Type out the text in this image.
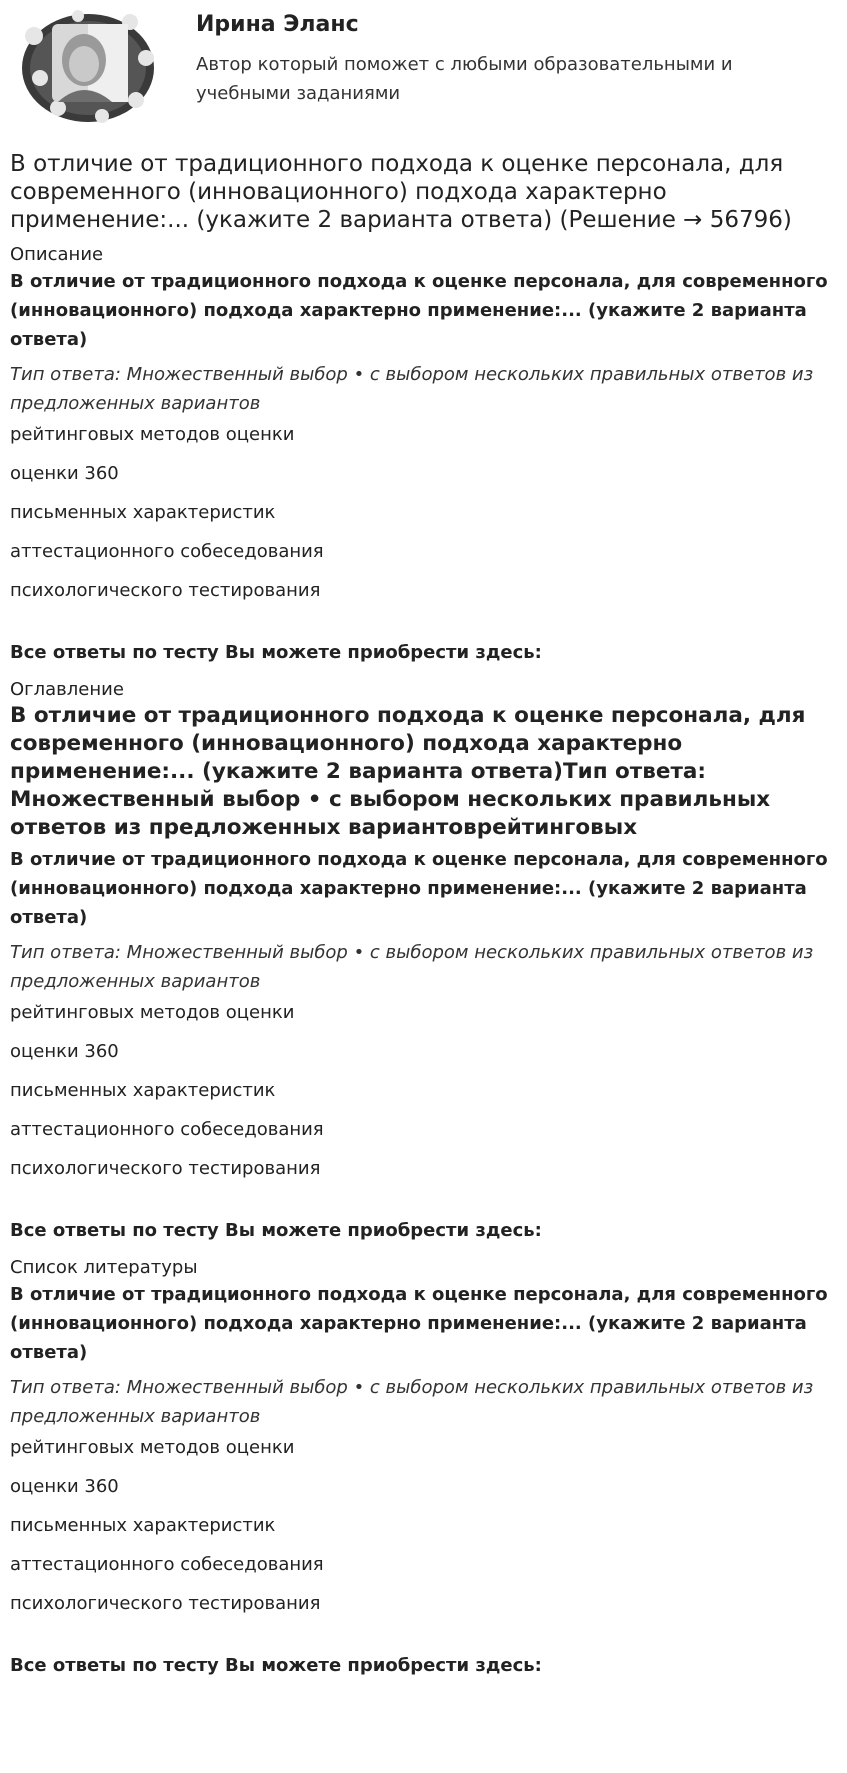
Ирина Эланс

Автор который поможет с любыми образовательными и учебными заданиями

В отличие от традиционного подхода к оценке персонала, для современного (инновационного) подхода характерно применение:... (укажите 2 варианта ответа) (Решение → 56796)

Описание

В отличие от традиционного подхода к оценке персонала, для современного (инновационного) подхода характерно применение:... (укажите 2 варианта ответа)

Тип ответа: Множественный выбор • с выбором нескольких правильных ответов из предложенных вариантов

рейтинговых методов оценки

оценки 360

письменных характеристик

аттестационного собеседования

психологического тестирования

Все ответы по тесту Вы можете приобрести здесь:

Оглавление

В отличие от традиционного подхода к оценке персонала, для современного (инновационного) подхода характерно применение:... (укажите 2 варианта ответа)Тип ответа: Множественный выбор • с выбором нескольких правильных ответов из предложенных вариантоврейтинговых

В отличие от традиционного подхода к оценке персонала, для современного (инновационного) подхода характерно применение:... (укажите 2 варианта ответа)

Тип ответа: Множественный выбор • с выбором нескольких правильных ответов из предложенных вариантов

рейтинговых методов оценки

оценки 360

письменных характеристик

аттестационного собеседования

психологического тестирования

Все ответы по тесту Вы можете приобрести здесь:

Список литературы

В отличие от традиционного подхода к оценке персонала, для современного (инновационного) подхода характерно применение:... (укажите 2 варианта ответа)

Тип ответа: Множественный выбор • с выбором нескольких правильных ответов из предложенных вариантов

рейтинговых методов оценки

оценки 360

письменных характеристик

аттестационного собеседования

психологического тестирования

Все ответы по тесту Вы можете приобрести здесь:
